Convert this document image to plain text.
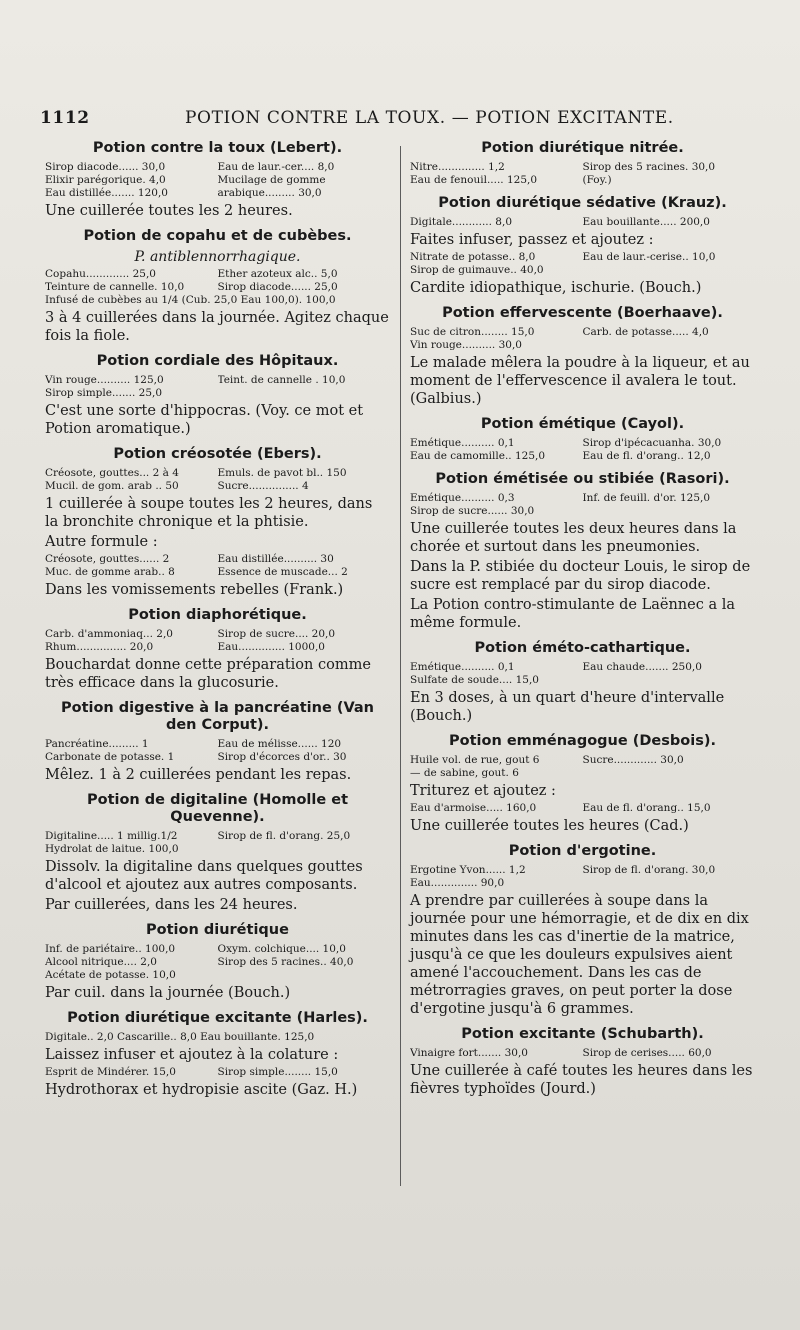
1112	POTION CONTRE LA TOUX. — POTION EXCITANTE.
Potion contre la toux (Lebert).
Sirop diacode...... 30,0	Eau de laur.-cer.... 8,0
Elixir parégorique. 4,0	Mucilage de gomme
Eau distillée....... 120,0	arabique......... 30,0
Une cuillerée toutes les 2 heures.
Potion de copahu et de cubèbes.
P. antiblennorrhagique.
Copahu............. 25,0	Ether azoteux alc.. 5,0
Teinture de cannelle. 10,0	Sirop diacode...... 25,0
Infusé de cubèbes au 1/4 (Cub. 25,0 Eau 100,0). 100,0
3 à 4 cuillerées dans la journée. Agitez chaque fois la fiole.
Potion cordiale des Hôpitaux.
Vin rouge.......... 125,0	Teint. de cannelle . 10,0
Sirop simple....... 25,0
C'est une sorte d'hippocras. (Voy. ce mot et Potion aromatique.)
Potion créosotée (Ebers).
Créosote, gouttes... 2 à 4	Emuls. de pavot bl.. 150
Mucil. de gom. arab .. 50	Sucre............... 4
1 cuillerée à soupe toutes les 2 heures, dans la bronchite chronique et la phtisie.
Autre formule :
Créosote, gouttes...... 2	Eau distillée.......... 30
Muc. de gomme arab.. 8	Essence de muscade... 2
Dans les vomissements rebelles (Frank.)
Potion diaphorétique.
Carb. d'ammoniaq... 2,0	Sirop de sucre.... 20,0
Rhum............... 20,0	Eau.............. 1000,0
Bouchardat donne cette préparation comme très efficace dans la glucosurie.
Potion digestive à la pancréatine (Van den Corput).
Pancréatine......... 1	Eau de mélisse...... 120
Carbonate de potasse. 1	Sirop d'écorces d'or.. 30
Mêlez. 1 à 2 cuillerées pendant les repas.
Potion de digitaline (Homolle et Quevenne).
Digitaline..... 1 millig.1/2	Sirop de fl. d'orang. 25,0
Hydrolat de laitue. 100,0
Dissolv. la digitaline dans quelques gouttes d'alcool et ajoutez aux autres composants.
Par cuillerées, dans les 24 heures.
Potion diurétique
Inf. de pariétaire.. 100,0	Oxym. colchique.... 10,0
Alcool nitrique.... 2,0	Sirop des 5 racines.. 40,0
Acétate de potasse. 10,0
Par cuil. dans la journée (Bouch.)
Potion diurétique excitante (Harles).
Digitale.. 2,0 Cascarille.. 8,0 Eau bouillante. 125,0
Laissez infuser et ajoutez à la colature :
Esprit de Mindérer. 15,0	Sirop simple........ 15,0
Hydrothorax et hydropisie ascite (Gaz. H.)
Potion diurétique nitrée.
Nitre.............. 1,2	Sirop des 5 racines. 30,0
Eau de fenouil..... 125,0	(Foy.)
Potion diurétique sédative (Krauz).
Digitale............ 8,0	Eau bouillante..... 200,0
Faites infuser, passez et ajoutez :
Nitrate de potasse.. 8,0	Eau de laur.-cerise.. 10,0
Sirop de guimauve.. 40,0
Cardite idiopathique, ischurie. (Bouch.)
Potion effervescente (Boerhaave).
Suc de citron........ 15,0	Carb. de potasse..... 4,0
Vin rouge.......... 30,0
Le malade mêlera la poudre à la liqueur, et au moment de l'effervescence il avalera le tout. (Galbius.)
Potion émétique (Cayol).
Emétique.......... 0,1	Sirop d'ipécacuanha. 30,0
Eau de camomille.. 125,0	Eau de fl. d'orang.. 12,0
Potion émétisée ou stibiée (Rasori).
Emétique.......... 0,3	Inf. de feuill. d'or. 125,0
Sirop de sucre...... 30,0
Une cuillerée toutes les deux heures dans la chorée et surtout dans les pneumonies.
Dans la P. stibiée du docteur Louis, le sirop de sucre est remplacé par du sirop diacode.
La Potion contro-stimulante de Laënnec a la même formule.
Potion éméto-cathartique.
Emétique.......... 0,1	Eau chaude....... 250,0
Sulfate de soude.... 15,0
En 3 doses, à un quart d'heure d'intervalle (Bouch.)
Potion emménagogue (Desbois).
Huile vol. de rue, gout 6	Sucre............. 30,0
— de sabine, gout. 6
Triturez et ajoutez :
Eau d'armoise..... 160,0	Eau de fl. d'orang.. 15,0
Une cuillerée toutes les heures (Cad.)
Potion d'ergotine.
Ergotine Yvon...... 1,2	Sirop de fl. d'orang. 30,0
Eau.............. 90,0
A prendre par cuillerées à soupe dans la journée pour une hémorragie, et de dix en dix minutes dans les cas d'inertie de la matrice, jusqu'à ce que les douleurs expulsives aient amené l'accouchement. Dans les cas de métrorragies graves, on peut porter la dose d'ergotine jusqu'à 6 grammes.
Potion excitante (Schubarth).
Vinaigre fort....... 30,0	Sirop de cerises..... 60,0
Une cuillerée à café toutes les heures dans les fièvres typhoïdes (Jourd.)
